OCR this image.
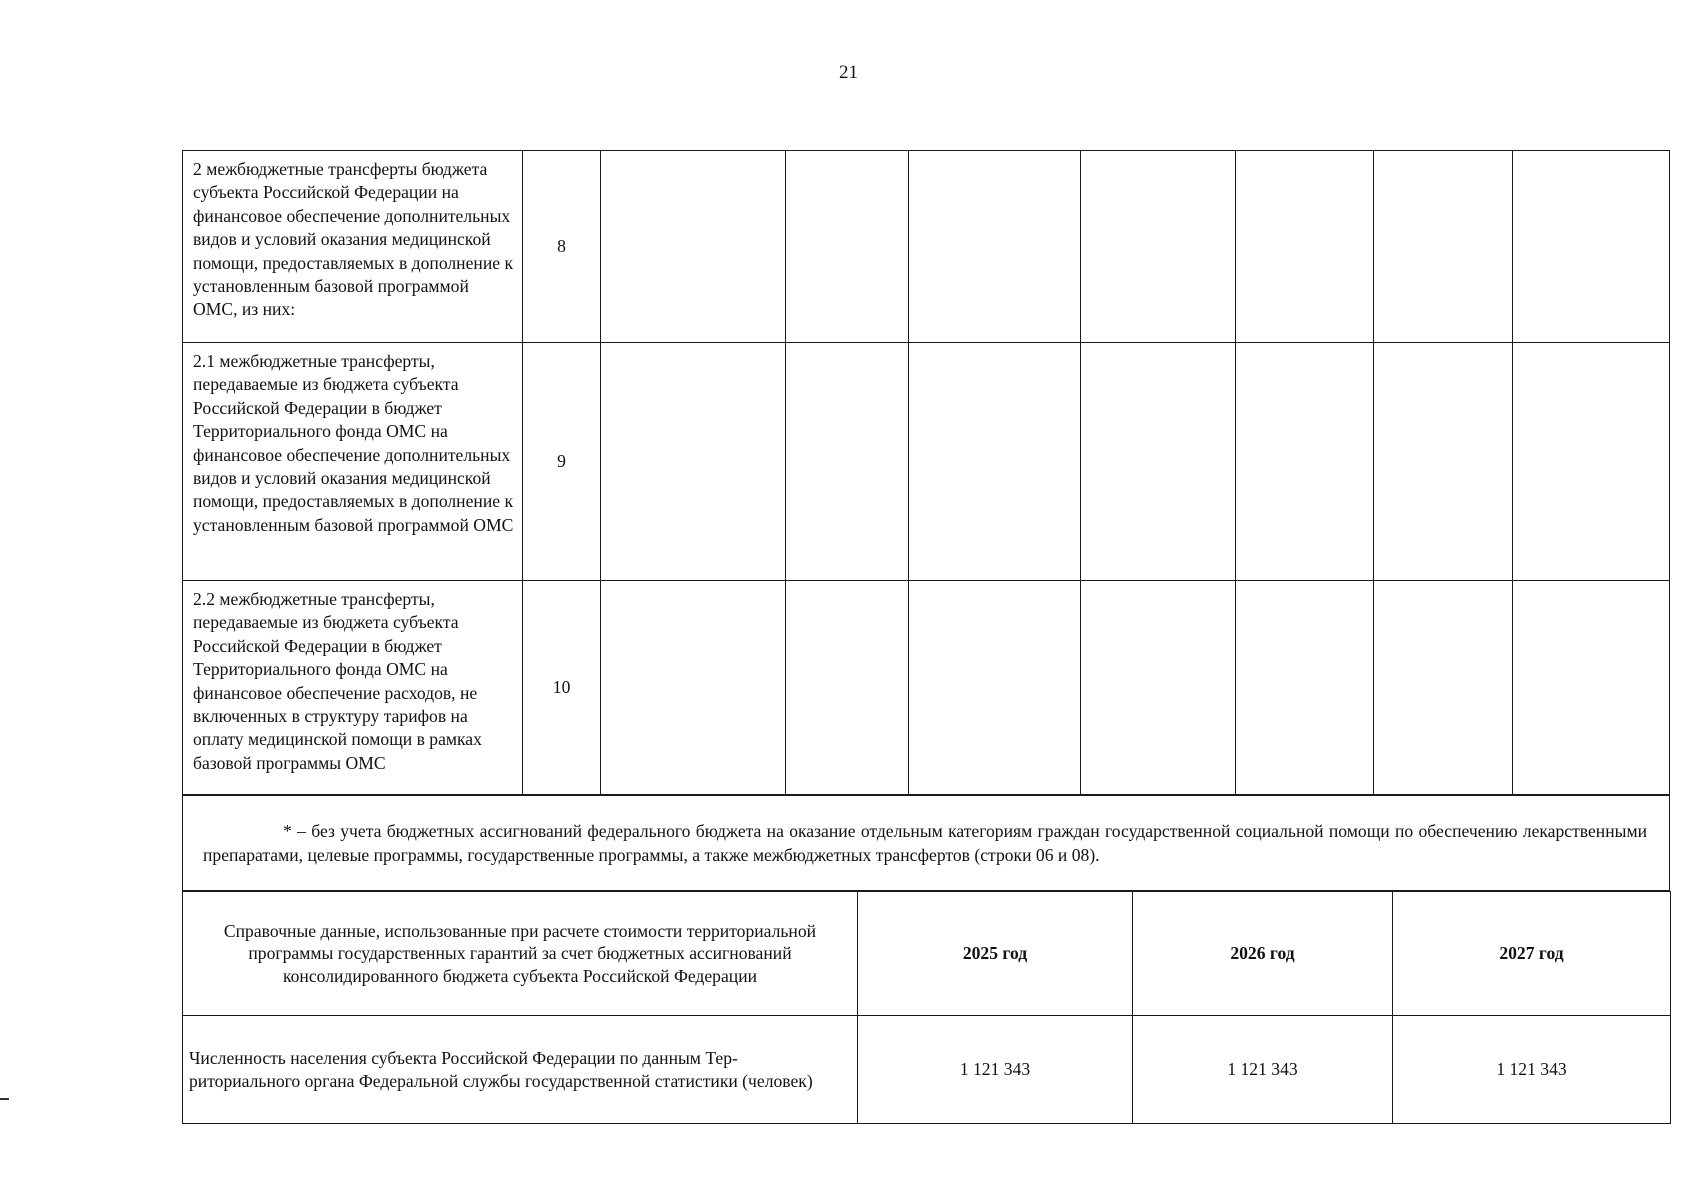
21
2 межбюджетные трансферты бюджета субъекта Российской Федерации на финансовое обеспечение дополнительных видов и условий оказания медицинской помощи, предоставляемых в дополнение к установленным базовой программой ОМС, из них:	8							
2.1 межбюджетные трансферты, передаваемые из бюджета субъекта Российской Федерации в бюджет Территориального фонда ОМС на финансовое обеспечение дополнительных видов и условий оказания медицинской помощи, предоставляемых в дополнение к установленным базовой программой ОМС	9							
2.2 межбюджетные трансферты, передаваемые из бюджета субъекта Российской Федерации в бюджет Территориального фонда ОМС на финансовое обеспечение расходов, не включенных в структуру тарифов на оплату медицинской помощи в рамках базовой программы ОМС	10							
* – без учета бюджетных ассигнований федерального бюджета на оказание отдельным категориям граждан государственной социальной помощи по обеспечению лекарственными препаратами, целевые программы, государственные программы, а также межбюджетных трансфертов (строки 06 и 08).
Справочные данные, использованные при расчете стоимости территориальной программы государственных гарантий за счет бюджетных ассигнований консолидированного бюджета субъекта Российской Федерации	2025 год	2026 год	2027 год
Численность населения субъекта Российской Федерации по данным Территориального органа Федеральной службы государственной статистики (человек)	1 121 343	1 121 343	1 121 343
